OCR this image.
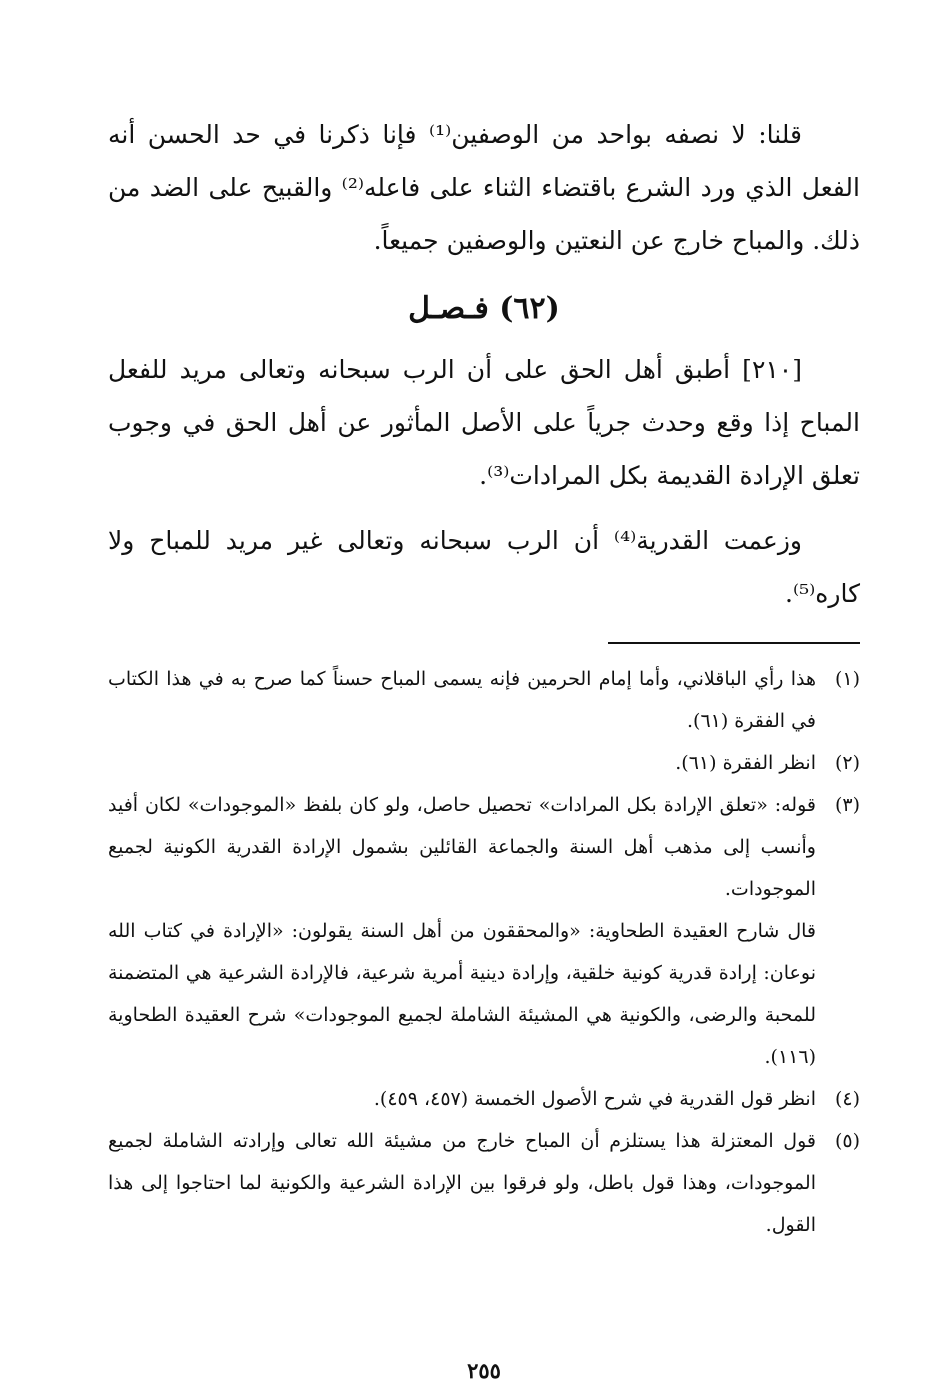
قلنا: لا نصفه بواحد من الوصفين⁽¹⁾ فإنا ذكرنا في حد الحسن أنه الفعل الذي ورد الشرع باقتضاء الثناء على فاعله⁽²⁾ والقبيح على الضد من ذلك. والمباح خارج عن النعتين والوصفين جميعاً.

(٦٢) فـصـل

[٢١٠] أطبق أهل الحق على أن الرب سبحانه وتعالى مريد للفعل المباح إذا وقع وحدث جرياً على الأصل المأثور عن أهل الحق في وجوب تعلق الإرادة القديمة بكل المرادات⁽³⁾.

وزعمت القدرية⁽⁴⁾ أن الرب سبحانه وتعالى غير مريد للمباح ولا كاره⁽⁵⁾.

(١)
هذا رأي الباقلاني، وأما إمام الحرمين فإنه يسمى المباح حسناً كما صرح به في هذا الكتاب في الفقرة (٦١).
(٢)
انظر الفقرة (٦١).
(٣)
قوله: «تعلق الإرادة بكل المرادات» تحصيل حاصل، ولو كان بلفظ «الموجودات» لكان أفيد وأنسب إلى مذهب أهل السنة والجماعة القائلين بشمول الإرادة القدرية الكونية لجميع الموجودات.
قال شارح العقيدة الطحاوية: «والمحققون من أهل السنة يقولون: «الإرادة في كتاب الله نوعان: إرادة قدرية كونية خلقية، وإرادة دينية أمرية شرعية، فالإرادة الشرعية هي المتضمنة للمحبة والرضى، والكونية هي المشيئة الشاملة لجميع الموجودات» شرح العقيدة الطحاوية (١١٦).
(٤)
انظر قول القدرية في شرح الأصول الخمسة (٤٥٧، ٤٥٩).
(٥)
قول المعتزلة هذا يستلزم أن المباح خارج من مشيئة الله تعالى وإرادته الشاملة لجميع الموجودات، وهذا قول باطل، ولو فرقوا بين الإرادة الشرعية والكونية لما احتاجوا إلى هذا القول.
٢٥٥
